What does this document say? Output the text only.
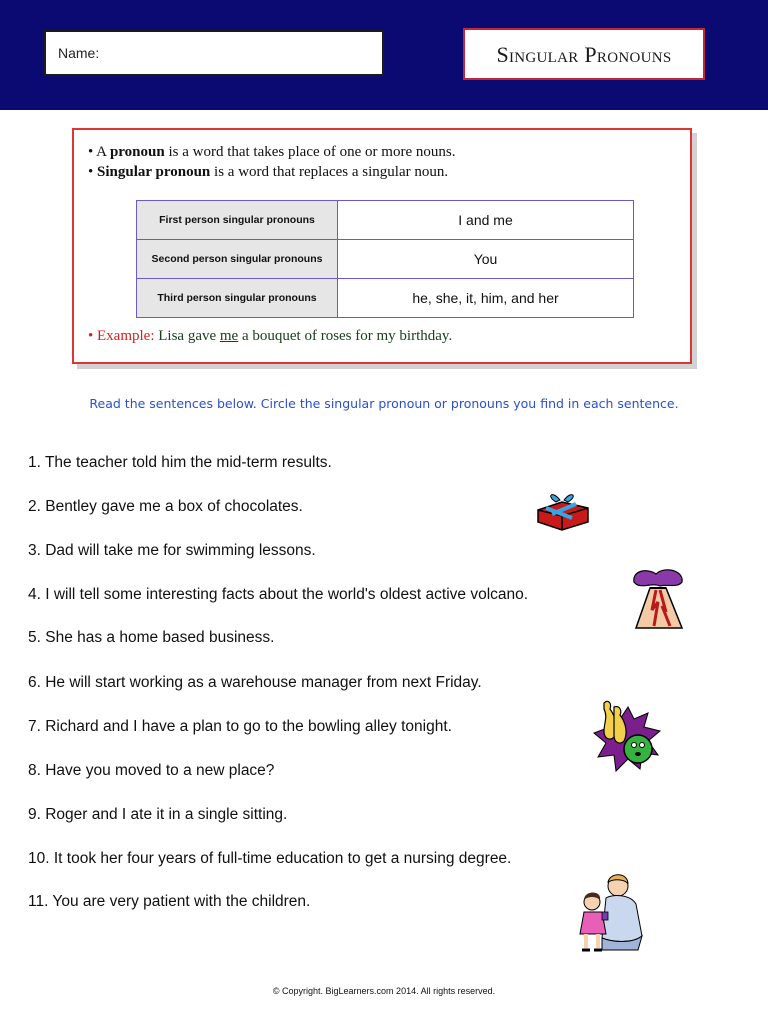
Name:	Singular Pronouns
• A pronoun is a word that takes place of one or more nouns.
• Singular pronoun is a word that replaces a singular noun.
First person singular pronouns	I and me
Second person singular pronouns	You
Third person singular pronouns	he, she, it, him, and her
• Example: Lisa gave me a bouquet of roses for my birthday.
Read the sentences below. Circle the singular pronoun or pronouns you find in each sentence.
1. The teacher told him the mid-term results.
2. Bentley gave me a box of chocolates.
3. Dad will take me for swimming lessons.
4. I will tell some interesting facts about the world's oldest active volcano.
5. She has a home based business.
6. He will start working as a warehouse manager from next Friday.
7. Richard and I have a plan to go to the bowling alley tonight.
8. Have you moved to a new place?
9. Roger and I ate it in a single sitting.
10. It took her four years of full-time education to get a nursing degree.
11. You are very patient with the children.
© Copyright. BigLearners.com 2014. All rights reserved.
